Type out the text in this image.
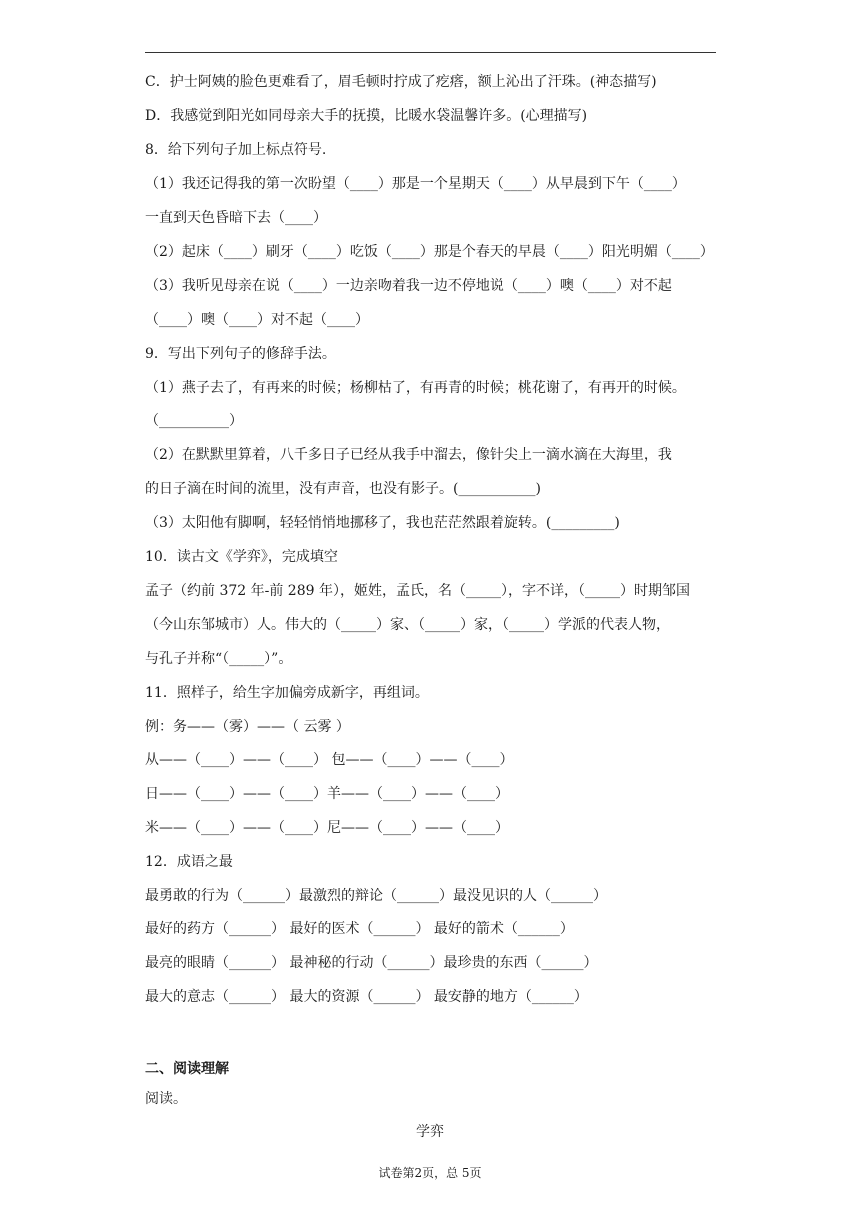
C．护士阿姨的脸色更难看了，眉毛顿时拧成了疙瘩，额上沁出了汗珠。(神态描写)
D．我感觉到阳光如同母亲大手的抚摸，比暖水袋温馨许多。(心理描写)
8．给下列句子加上标点符号.
（1）我还记得我的第一次盼望（____）那是一个星期天（____）从早晨到下午（____）
一直到天色昏暗下去（____）
（2）起床（____）刷牙（____）吃饭（____）那是个春天的早晨（____）阳光明媚（____）
（3）我听见母亲在说（____）一边亲吻着我一边不停地说（____）噢（____）对不起
（____）噢（____）对不起（____）
9．写出下列句子的修辞手法。
（1）燕子去了，有再来的时候；杨柳枯了，有再青的时候；桃花谢了，有再开的时候。
（__________）
（2）在默默里算着，八千多日子已经从我手中溜去，像针尖上一滴水滴在大海里，我
的日子滴在时间的流里，没有声音，也没有影子。(___________)
（3）太阳他有脚啊，轻轻悄悄地挪移了，我也茫茫然跟着旋转。(_________)
10．读古文《学弈》，完成填空
孟子（约前 372 年-前 289 年），姬姓，孟氏，名（_____），字不详，（_____）时期邹国
（今山东邹城市）人。伟大的（_____）家、（_____）家，（_____）学派的代表人物，
与孔子并称“（_____）”。
11．照样子，给生字加偏旁成新字，再组词。
例：务——（雾）——（ 云雾 ）
从——（____）——（____） 包——（____）——（____）
日——（____）——（____）羊——（____）——（____）
米——（____）——（____）尼——（____）——（____）
12．成语之最
最勇敢的行为（______）最激烈的辩论（______）最没见识的人（______）
最好的药方（______） 最好的医术（______） 最好的箭术（______）
最亮的眼睛（______） 最神秘的行动（______）最珍贵的东西（______）
最大的意志（______） 最大的资源（______） 最安静的地方（______）
二、阅读理解
阅读。
学弈
试卷第2页，总 5页
